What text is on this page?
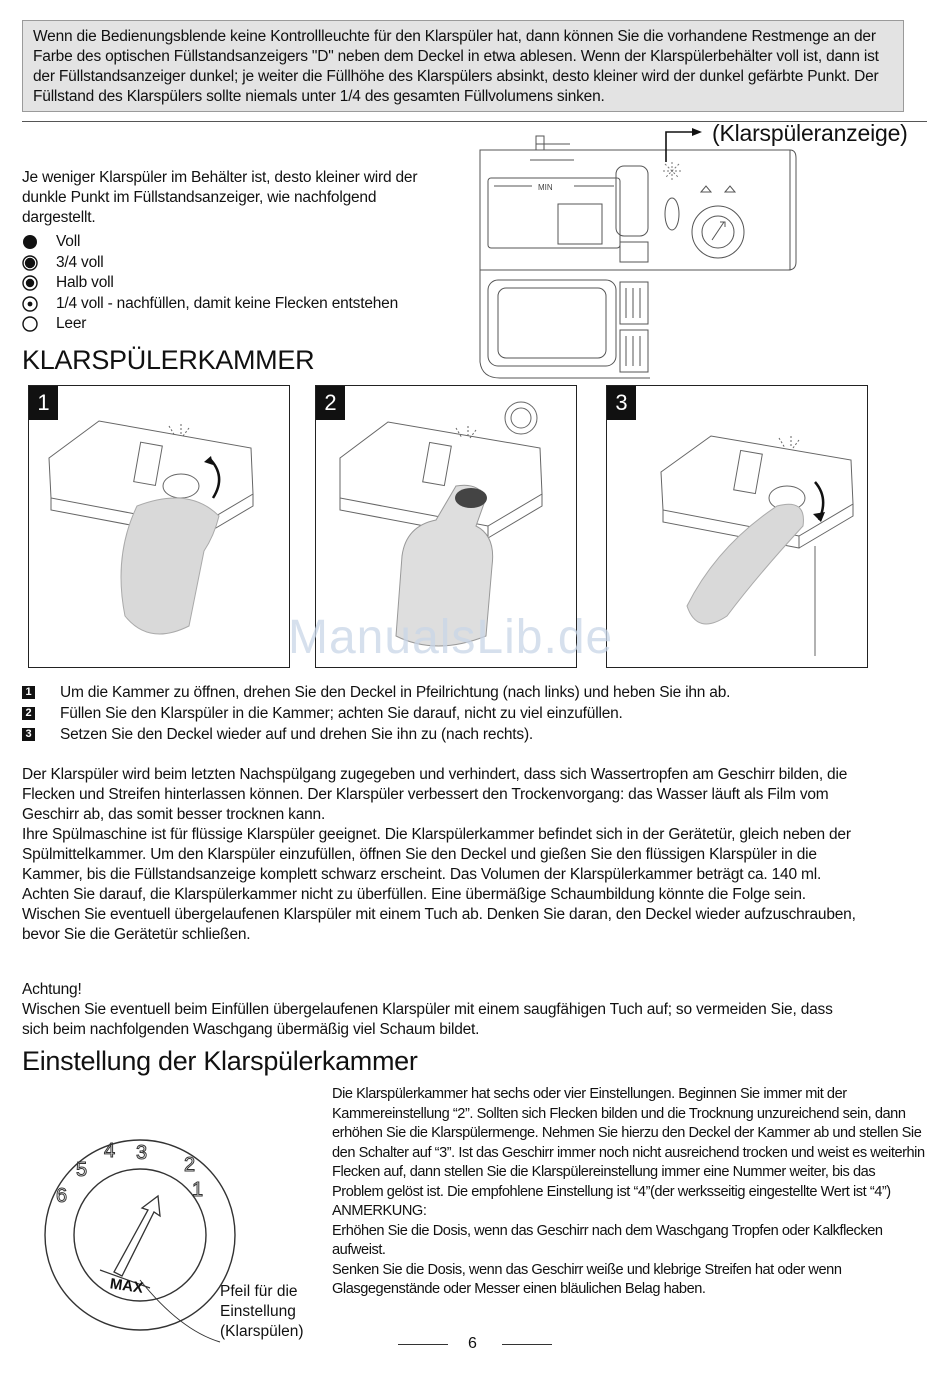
Wenn die Bedienungsblende keine Kontrollleuchte für den Klarspüler hat, dann können Sie die vorhandene Restmenge an der Farbe des optischen Füllstandsanzeigers "D" neben dem Deckel in etwa ablesen. Wenn der Klarspülerbehälter voll ist, dann ist der Füllstandsanzeiger dunkel; je weiter die Füllhöhe des Klarspülers absinkt, desto kleiner wird der dunkel gefärbte Punkt. Der Füllstand des Klarspülers sollte niemals unter 1/4 des gesamten Füllvolumens sinken.

Je weniger Klarspüler im Behälter ist, desto kleiner wird der dunkle Punkt im Füllstandsanzeiger, wie nachfolgend dargestellt.
Voll
3/4 voll
Halb voll
1/4 voll - nachfüllen, damit keine Flecken entstehen
Leer
MIN
(Klarspüleranzeige)
KLARSPÜLERKAMMER
1	2	3
ManualsLib.de
1 Um die Kammer zu öffnen, drehen Sie den Deckel in Pfeilrichtung (nach links) und heben Sie ihn ab.
2 Füllen Sie den Klarspüler in die Kammer; achten Sie darauf, nicht zu viel einzufüllen.
3 Setzen Sie den Deckel wieder auf und drehen Sie ihn zu (nach rechts).

Der Klarspüler wird beim letzten Nachspülgang zugegeben und verhindert, dass sich Wassertropfen am Geschirr bilden, die Flecken und Streifen hinterlassen können. Der Klarspüler verbessert den Trockenvorgang: das Wasser läuft als Film vom Geschirr ab, das somit besser trocknen kann.

Ihre Spülmaschine ist für flüssige Klarspüler geeignet. Die Klarspülerkammer befindet sich in der Gerätetür, gleich neben der Spülmittelkammer. Um den Klarspüler einzufüllen, öffnen Sie den Deckel und gießen Sie den flüssigen Klarspüler in die Kammer, bis die Füllstandsanzeige komplett schwarz erscheint. Das Volumen der Klarspülerkammer beträgt ca. 140 ml.

Achten Sie darauf, die Klarspülerkammer nicht zu überfüllen. Eine übermäßige Schaumbildung könnte die Folge sein. Wischen Sie eventuell übergelaufenen Klarspüler mit einem Tuch ab. Denken Sie daran, den Deckel wieder aufzuschrauben, bevor Sie die Gerätetür schließen.

Achtung!

Wischen Sie eventuell beim Einfüllen übergelaufenen Klarspüler mit einem saugfähigen Tuch auf; so vermeiden Sie, dass sich beim nachfolgenden Waschgang übermäßig viel Schaum bildet.

Einstellung der Klarspülerkammer
2
1
3
4
5
6
MAX	Pfeil für die
Einstellung
(Klarspülen)

Die Klarspülerkammer hat sechs oder vier Einstellungen. Beginnen Sie immer mit der Kammereinstellung “2”. Sollten sich Flecken bilden und die Trocknung unzureichend sein, dann erhöhen Sie die Klarspülermenge. Nehmen Sie hierzu den Deckel der Kammer ab und stellen Sie den Schalter auf “3”. Ist das Geschirr immer noch nicht ausreichend trocken und weist es weiterhin Flecken auf, dann stellen Sie die Klarspülereinstellung immer eine Nummer weiter, bis das Problem gelöst ist. Die empfohlene Einstellung ist “4”(der werksseitig eingestellte Wert ist “4”)

ANMERKUNG:

Erhöhen Sie die Dosis, wenn das Geschirr nach dem Waschgang Tropfen oder Kalkflecken aufweist.

Senken Sie die Dosis, wenn das Geschirr weiße und klebrige Streifen hat oder wenn Glasgegenstände oder Messer einen bläulichen Belag haben.

6
